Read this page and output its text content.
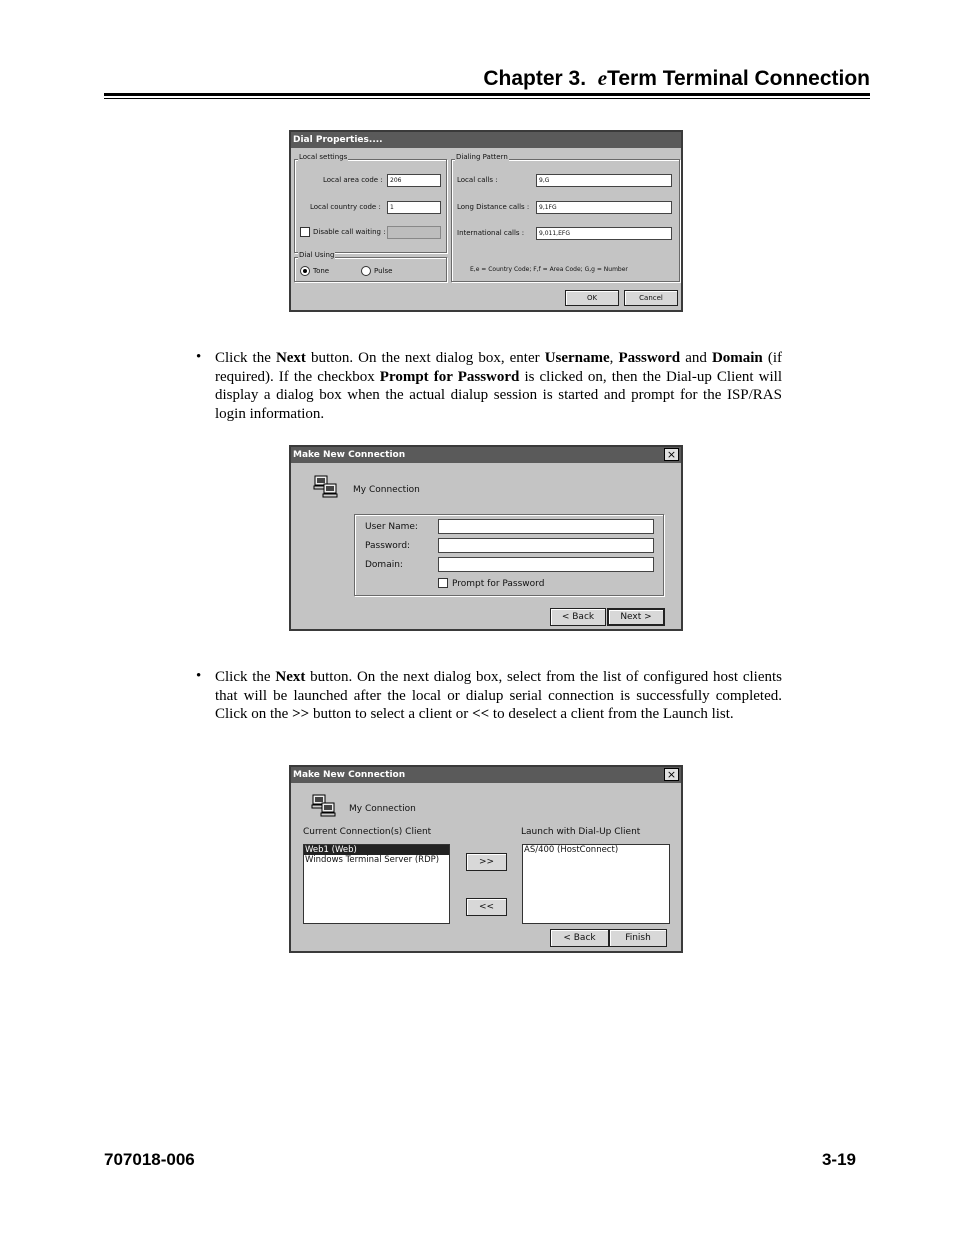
Chapter 3. eTerm Terminal Connection
Dial Properties....
Local settings
Local area code :	206
Local country code :	1
Disable call waiting :
Dialing Pattern
Local calls :	9,G
Long Distance calls :	9,1FG
International calls :	9,011,EFG
E,e = Country Code; F,f = Area Code; G,g = Number
Dial Using
Tone	Pulse
OK	Cancel
• Click the Next button. On the next dialog box, enter Username, Password and Domain (if required). If the checkbox Prompt for Password is clicked on, then the Dial-up Client will display a dialog box when the actual dialup session is started and prompt for the ISP/RAS login information.
Make New Connection	×
My Connection
User Name:
Password:
Domain:
Prompt for Password
< Back	Next >
• Click the Next button. On the next dialog box, select from the list of configured host clients that will be launched after the local or dialup serial connection is successfully completed. Click on the >> button to select a client or << to deselect a client from the Launch list.
Make New Connection	×
My Connection
Current Connection(s) Client	Launch with Dial-Up Client
Web1 (Web)
Windows Terminal Server (RDP)	>>
<<
AS/400 (HostConnect)
< Back	Finish
707018-006	3-19
